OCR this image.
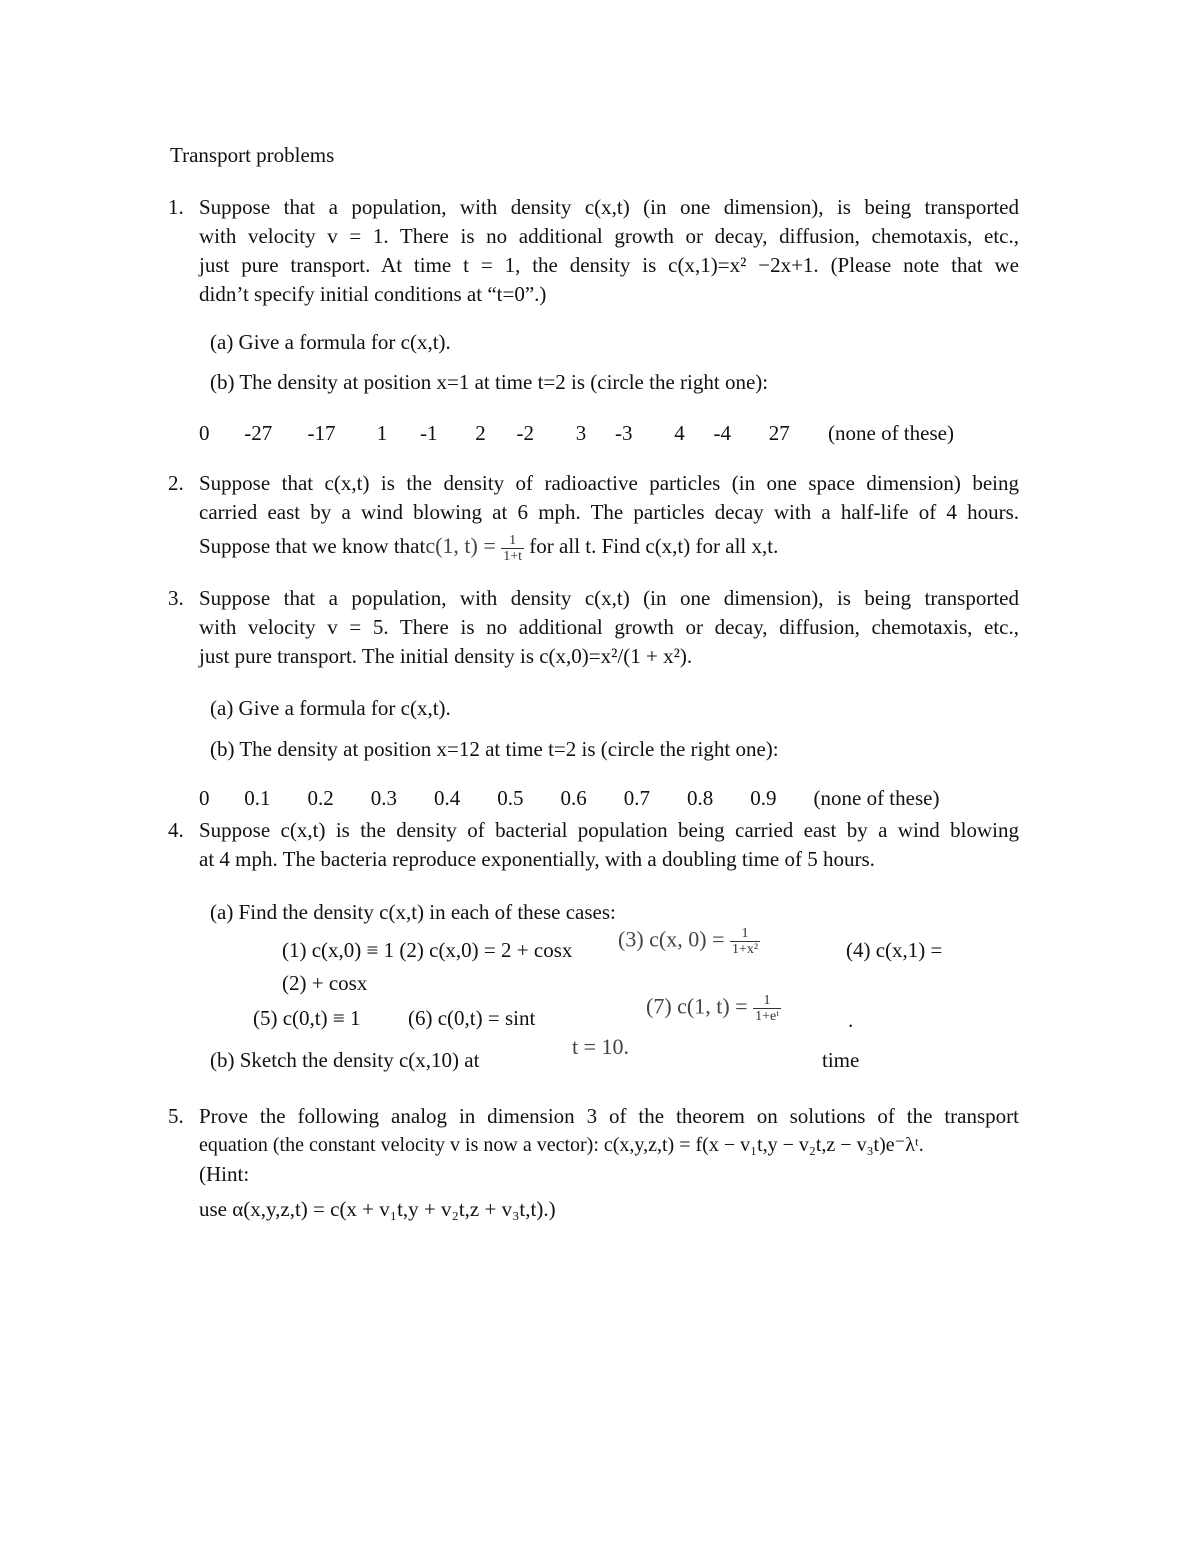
Transport problems
1. Suppose that a population, with density c(x,t) (in one dimension), is being transported
with velocity v = 1. There is no additional growth or decay, diffusion, chemotaxis, etc.,
just pure transport. At time t = 1, the density is c(x,1)=x² −2x+1. (Please note that we
didn’t specify initial conditions at “t=0”.)
(a) Give a formula for c(x,t).
(b) The density at position x=1 at time t=2 is (circle the right one):
0 -27 -17 1 -1 2 -2 3 -3 4 -4 27 (none of these)
2. Suppose that c(x,t) is the density of radioactive particles (in one space dimension) being
carried east by a wind blowing at 6 mph. The particles decay with a half-life of 4 hours.
Suppose that we know thatc(1, $t) = \frac{1}{1+t}$ for all t. Find c(x,t) for all x,t.
3. Suppose that a population, with density c(x,t) (in one dimension), is being transported
with velocity v = 5. There is no additional growth or decay, diffusion, chemotaxis, etc.,
just pure transport. The initial density is c(x,0)=x²/(1 + x²).
(a) Give a formula for c(x,t).
(b) The density at position x=12 at time t=2 is (circle the right one):
0 0.1 0.2 0.3 0.4 0.5 0.6 0.7 0.8 0.9 (none of these)
4. Suppose c(x,t) is the density of bacterial population being carried east by a wind blowing
at 4 mph. The bacteria reproduce exponentially, with a doubling time of 5 hours.
(a) Find the density c(x,t) in each of these cases:
(1) c(x,0) ≡ 1 (2) c(x,0) = 2 + cosx (3) c(x, $0) = \frac{1}{\text{1+x²}}$	(4) c(x,1) =
(2) + cosx
(5) c(0,t) ≡ 1 (6) c(0,t) = sint	(7) c(1, $t) = \frac{1}{\text{1+eᵗ}}$	.
(b) Sketch the density c(x,10) at
t = 10.
time
5. Prove the following analog in dimension 3 of the theorem on solutions of the transport
equation (the constant velocity v is now a vector): c(x,y,z,t) = f(x − v₁t,y − v₂t,z − v₃t)e⁻λᵗ.
(Hint:
use α(x,y,z,t) = c(x + v₁t,y + v₂t,z + v₃t,t).)
